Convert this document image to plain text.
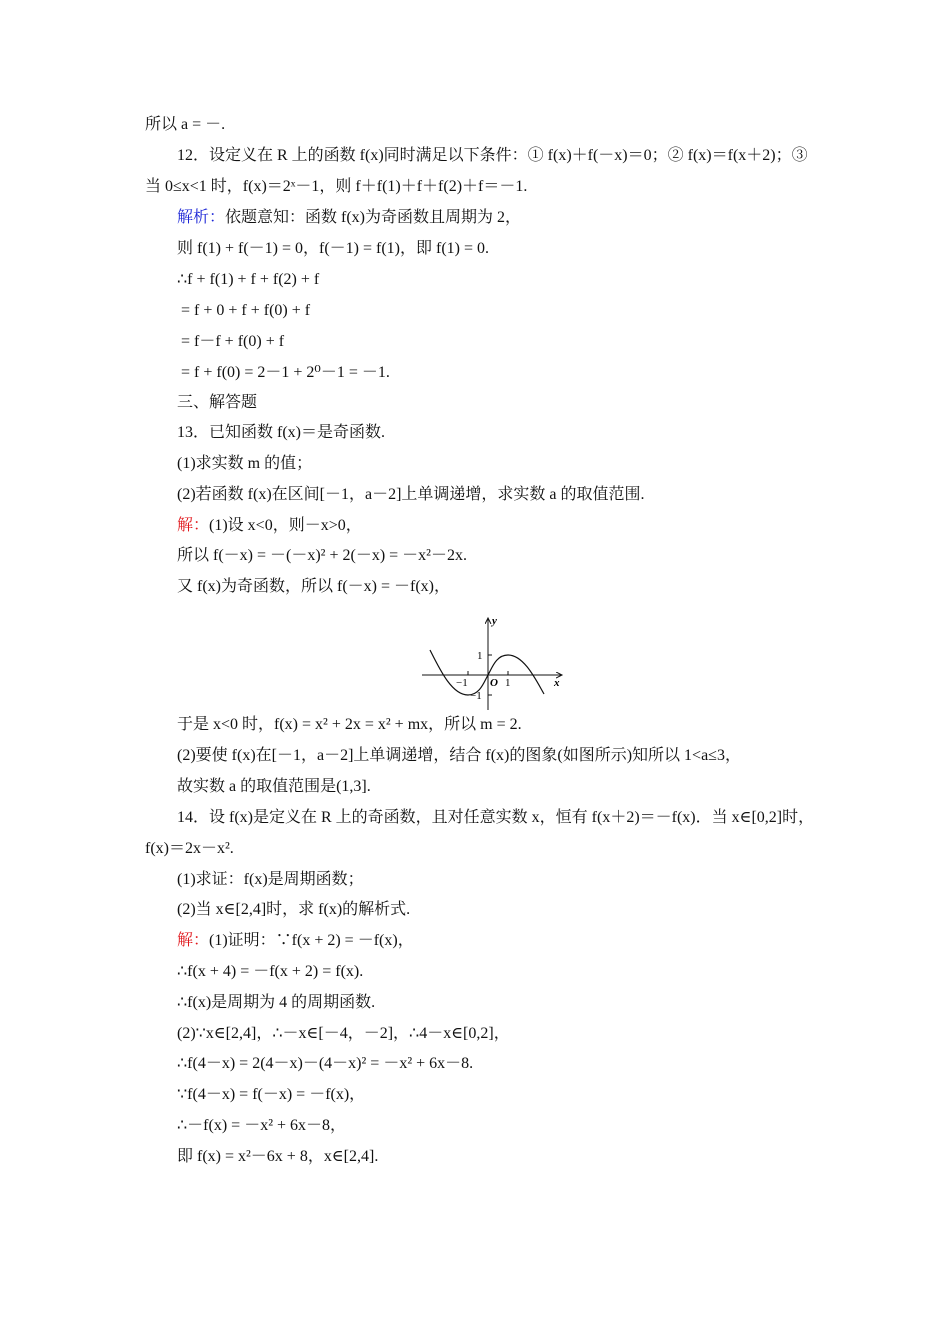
所以 a = －.
12．设定义在 R 上的函数 f(x)同时满足以下条件：① f(x)＋f(－x)＝0；② f(x)＝f(x＋2)；③
当 0≤x<1 时，f(x)＝2ˣ－1，则 f＋f(1)＋f＋f(2)＋f＝－1.
解析：依题意知：函数 f(x)为奇函数且周期为 2，
则 f(1) + f(－1) = 0，f(－1) = f(1)，即 f(1) = 0.
∴f + f(1) + f + f(2) + f
= f + 0 + f + f(0) + f
= f－f + f(0) + f
= f + f(0) = 2－1 + 2⁰－1 = －1.
三、解答题
13．已知函数 f(x)＝是奇函数.
(1)求实数 m 的值；
(2)若函数 f(x)在区间[－1，a－2]上单调递增，求实数 a 的取值范围.
解：(1)设 x<0，则－x>0，
所以 f(－x) = －(－x)² + 2(－x) = －x²－2x.
又 f(x)为奇函数，所以 f(－x) = －f(x)，
于是 x<0 时，f(x) = x² + 2x = x² + mx，所以 m = 2.
(2)要使 f(x)在[－1，a－2]上单调递增，结合 f(x)的图象(如图所示)知所以 1<a≤3，
故实数 a 的取值范围是(1,3].
14．设 f(x)是定义在 R 上的奇函数，且对任意实数 x，恒有 f(x＋2)＝－f(x)．当 x∈[0,2]时，
f(x)＝2x－x².
(1)求证：f(x)是周期函数；
(2)当 x∈[2,4]时，求 f(x)的解析式.
解：(1)证明：∵f(x + 2) = －f(x)，
∴f(x + 4) = －f(x + 2) = f(x).
∴f(x)是周期为 4 的周期函数.
(2)∵x∈[2,4]，∴－x∈[－4，－2]，∴4－x∈[0,2]，
∴f(4－x) = 2(4－x)－(4－x)² = －x² + 6x－8.
∵f(4－x) = f(－x) = －f(x)，
∴－f(x) = －x² + 6x－8，
即 f(x) = x²－6x + 8，x∈[2,4].
y
x
O
−1	1
1
−1
